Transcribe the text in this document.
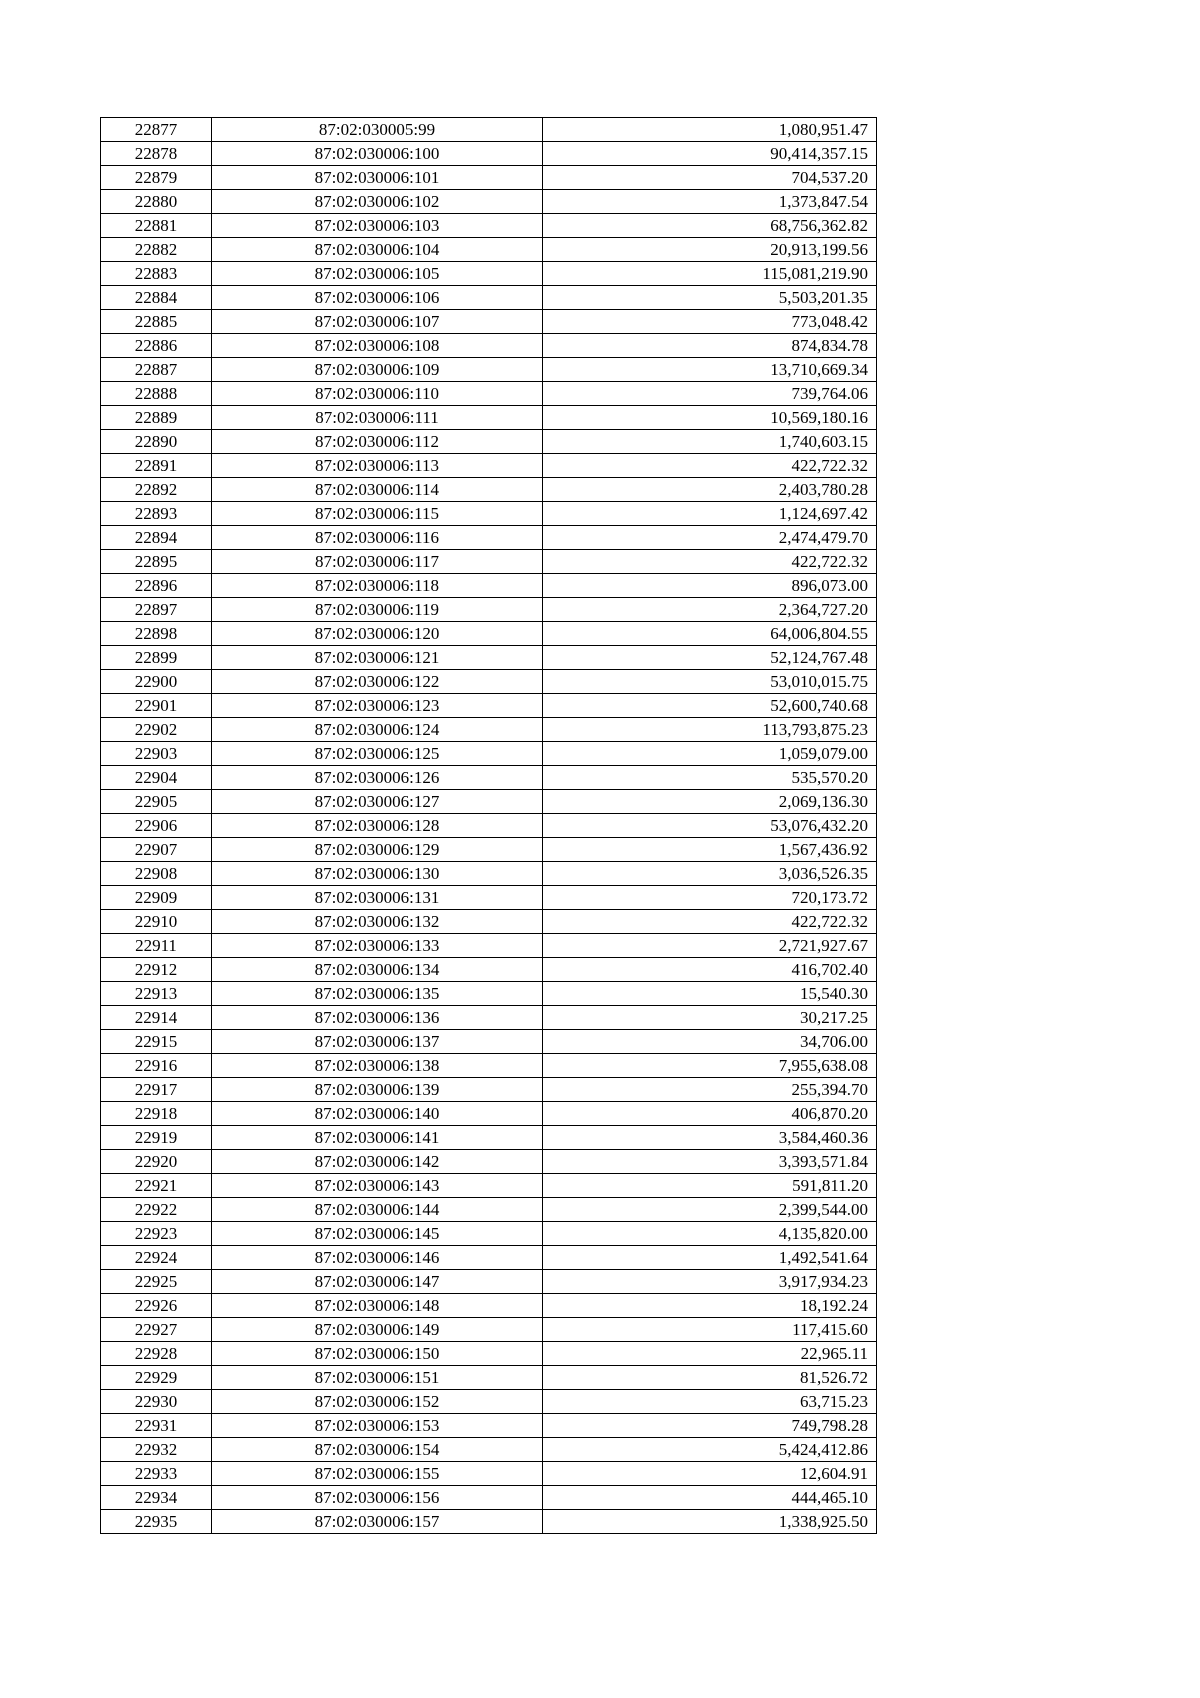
22877	87:02:030005:99	1,080,951.47
22878	87:02:030006:100	90,414,357.15
22879	87:02:030006:101	704,537.20
22880	87:02:030006:102	1,373,847.54
22881	87:02:030006:103	68,756,362.82
22882	87:02:030006:104	20,913,199.56
22883	87:02:030006:105	115,081,219.90
22884	87:02:030006:106	5,503,201.35
22885	87:02:030006:107	773,048.42
22886	87:02:030006:108	874,834.78
22887	87:02:030006:109	13,710,669.34
22888	87:02:030006:110	739,764.06
22889	87:02:030006:111	10,569,180.16
22890	87:02:030006:112	1,740,603.15
22891	87:02:030006:113	422,722.32
22892	87:02:030006:114	2,403,780.28
22893	87:02:030006:115	1,124,697.42
22894	87:02:030006:116	2,474,479.70
22895	87:02:030006:117	422,722.32
22896	87:02:030006:118	896,073.00
22897	87:02:030006:119	2,364,727.20
22898	87:02:030006:120	64,006,804.55
22899	87:02:030006:121	52,124,767.48
22900	87:02:030006:122	53,010,015.75
22901	87:02:030006:123	52,600,740.68
22902	87:02:030006:124	113,793,875.23
22903	87:02:030006:125	1,059,079.00
22904	87:02:030006:126	535,570.20
22905	87:02:030006:127	2,069,136.30
22906	87:02:030006:128	53,076,432.20
22907	87:02:030006:129	1,567,436.92
22908	87:02:030006:130	3,036,526.35
22909	87:02:030006:131	720,173.72
22910	87:02:030006:132	422,722.32
22911	87:02:030006:133	2,721,927.67
22912	87:02:030006:134	416,702.40
22913	87:02:030006:135	15,540.30
22914	87:02:030006:136	30,217.25
22915	87:02:030006:137	34,706.00
22916	87:02:030006:138	7,955,638.08
22917	87:02:030006:139	255,394.70
22918	87:02:030006:140	406,870.20
22919	87:02:030006:141	3,584,460.36
22920	87:02:030006:142	3,393,571.84
22921	87:02:030006:143	591,811.20
22922	87:02:030006:144	2,399,544.00
22923	87:02:030006:145	4,135,820.00
22924	87:02:030006:146	1,492,541.64
22925	87:02:030006:147	3,917,934.23
22926	87:02:030006:148	18,192.24
22927	87:02:030006:149	117,415.60
22928	87:02:030006:150	22,965.11
22929	87:02:030006:151	81,526.72
22930	87:02:030006:152	63,715.23
22931	87:02:030006:153	749,798.28
22932	87:02:030006:154	5,424,412.86
22933	87:02:030006:155	12,604.91
22934	87:02:030006:156	444,465.10
22935	87:02:030006:157	1,338,925.50
